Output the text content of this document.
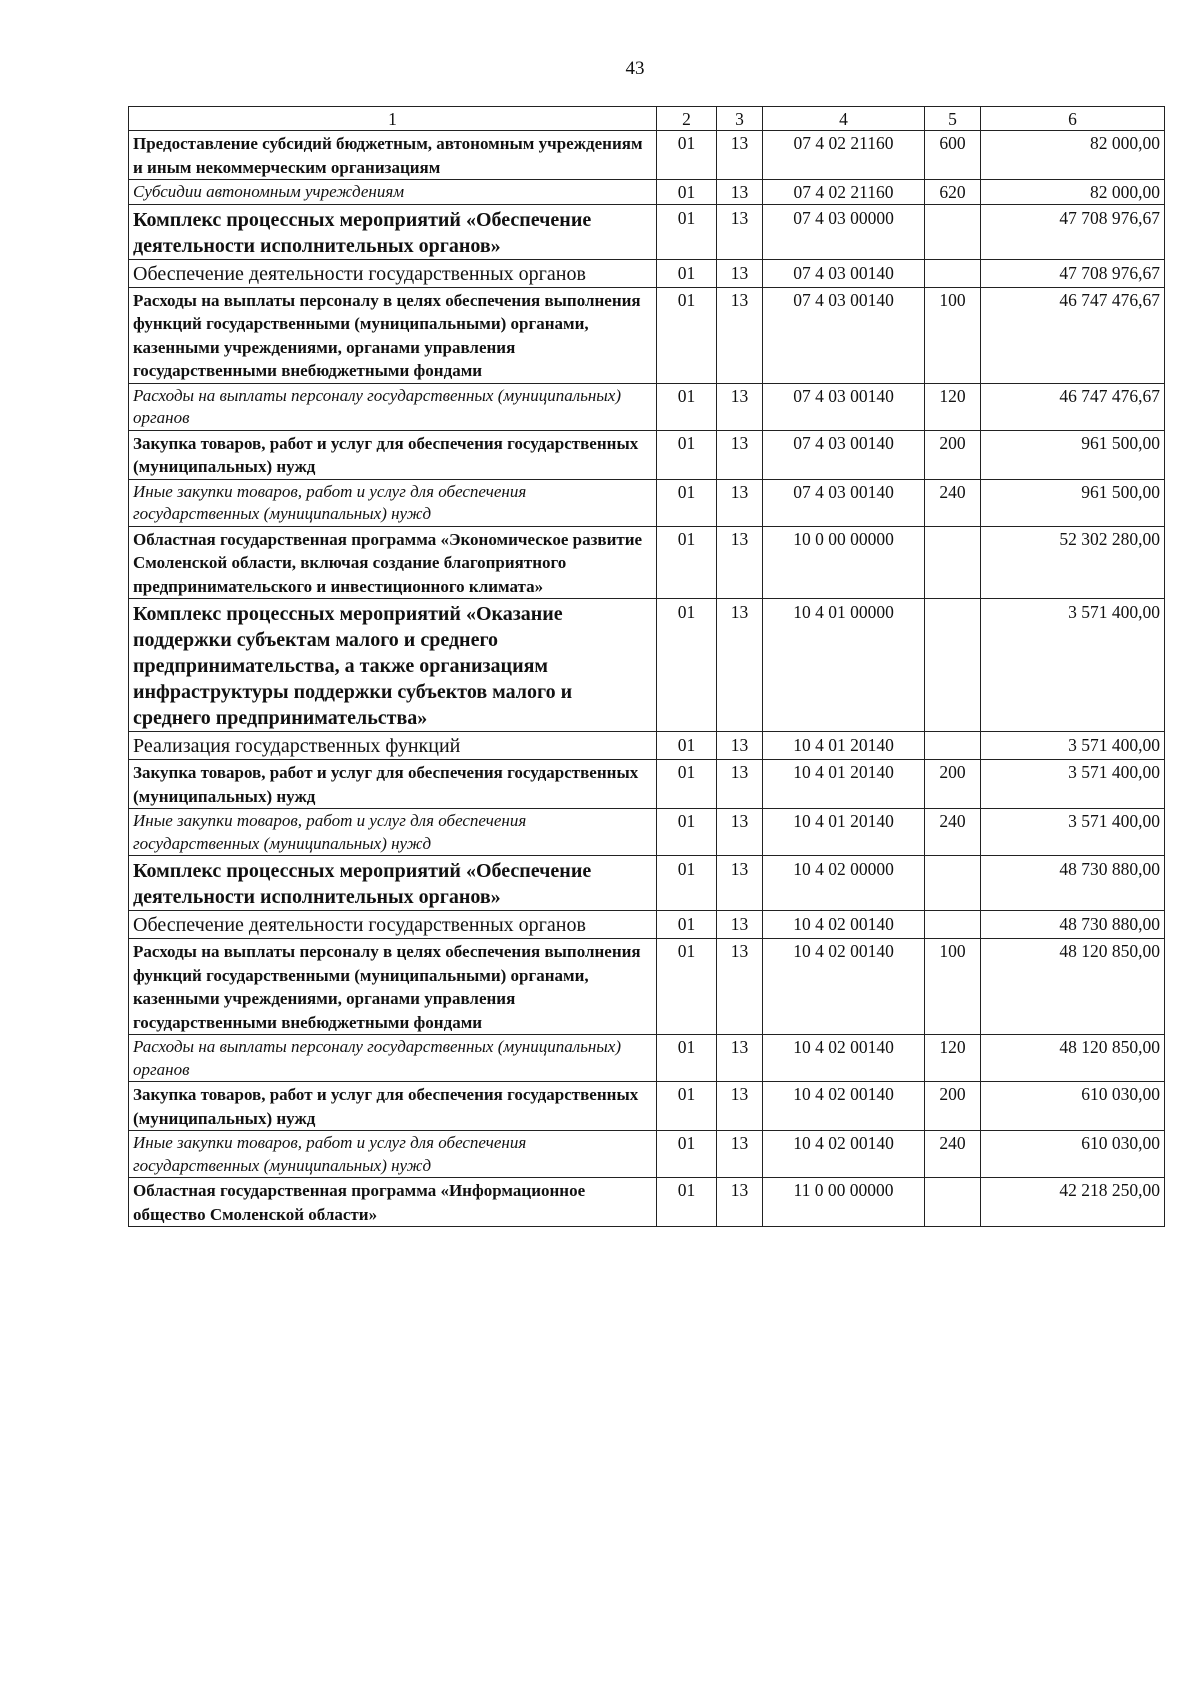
43
1	2	3	4	5	6
Предоставление субсидий бюджетным, автономным учреждениям и иным некоммерческим организациям	01	13	07 4 02 21160	600	82 000,00
Субсидии автономным учреждениям	01	13	07 4 02 21160	620	82 000,00
Комплекс процессных мероприятий «Обеспечение деятельности исполнительных органов»	01	13	07 4 03 00000		47 708 976,67
Обеспечение деятельности государственных органов	01	13	07 4 03 00140		47 708 976,67
Расходы на выплаты персоналу в целях обеспечения выполнения функций государственными (муниципальными) органами, казенными учреждениями, органами управления государственными внебюджетными фондами	01	13	07 4 03 00140	100	46 747 476,67
Расходы на выплаты персоналу государственных (муниципальных) органов	01	13	07 4 03 00140	120	46 747 476,67
Закупка товаров, работ и услуг для обеспечения государственных (муниципальных) нужд	01	13	07 4 03 00140	200	961 500,00
Иные закупки товаров, работ и услуг для обеспечения государственных (муниципальных) нужд	01	13	07 4 03 00140	240	961 500,00
Областная государственная программа «Экономическое развитие Смоленской области, включая создание благоприятного предпринимательского и инвестиционного климата»	01	13	10 0 00 00000		52 302 280,00
Комплекс процессных мероприятий «Оказание поддержки субъектам малого и среднего предпринимательства, а также организациям инфраструктуры поддержки субъектов малого и среднего предпринимательства»	01	13	10 4 01 00000		3 571 400,00
Реализация государственных функций	01	13	10 4 01 20140		3 571 400,00
Закупка товаров, работ и услуг для обеспечения государственных (муниципальных) нужд	01	13	10 4 01 20140	200	3 571 400,00
Иные закупки товаров, работ и услуг для обеспечения государственных (муниципальных) нужд	01	13	10 4 01 20140	240	3 571 400,00
Комплекс процессных мероприятий «Обеспечение деятельности исполнительных органов»	01	13	10 4 02 00000		48 730 880,00
Обеспечение деятельности государственных органов	01	13	10 4 02 00140		48 730 880,00
Расходы на выплаты персоналу в целях обеспечения выполнения функций государственными (муниципальными) органами, казенными учреждениями, органами управления государственными внебюджетными фондами	01	13	10 4 02 00140	100	48 120 850,00
Расходы на выплаты персоналу государственных (муниципальных) органов	01	13	10 4 02 00140	120	48 120 850,00
Закупка товаров, работ и услуг для обеспечения государственных (муниципальных) нужд	01	13	10 4 02 00140	200	610 030,00
Иные закупки товаров, работ и услуг для обеспечения государственных (муниципальных) нужд	01	13	10 4 02 00140	240	610 030,00
Областная государственная программа «Информационное общество Смоленской области»	01	13	11 0 00 00000		42 218 250,00
